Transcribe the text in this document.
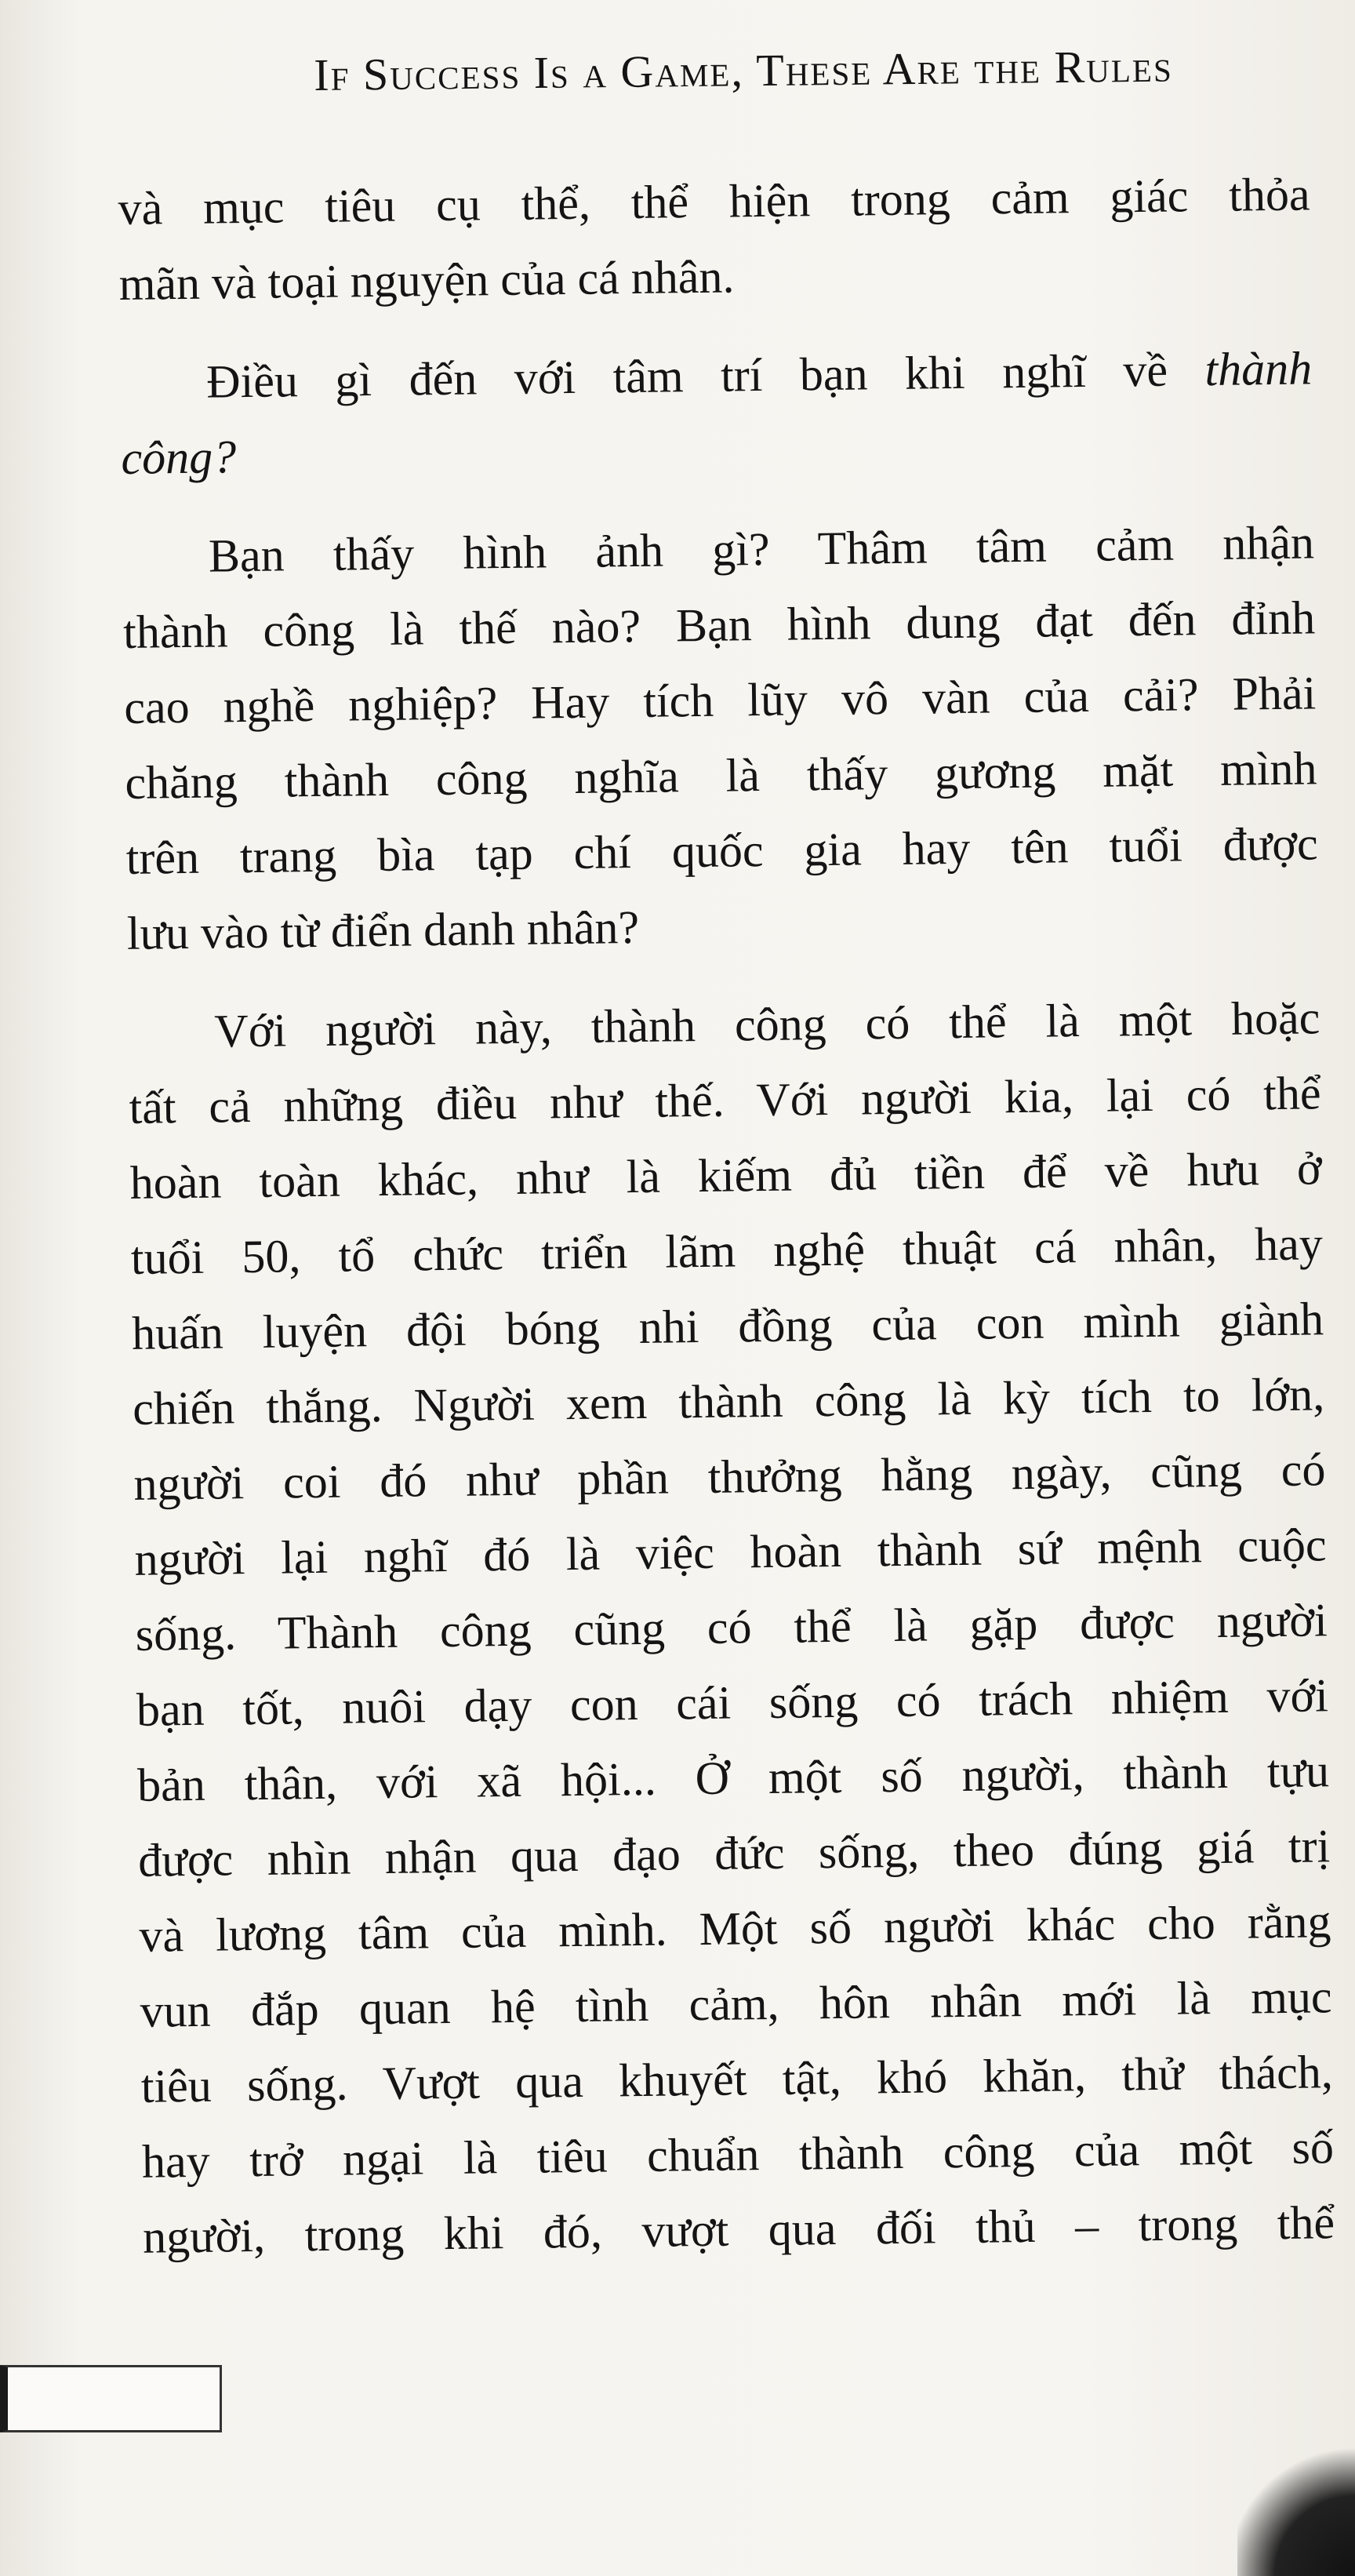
If Success Is a Game, These Are the Rules
và mục tiêu cụ thể, thể hiện trong cảm giác thỏa
mãn và toại nguyện của cá nhân.
Điều gì đến với tâm trí bạn khi nghĩ về thành
công?
Bạn thấy hình ảnh gì? Thâm tâm cảm nhận
thành công là thế nào? Bạn hình dung đạt đến đỉnh
cao nghề nghiệp? Hay tích lũy vô vàn của cải? Phải
chăng thành công nghĩa là thấy gương mặt mình
trên trang bìa tạp chí quốc gia hay tên tuổi được
lưu vào từ điển danh nhân?
Với người này, thành công có thể là một hoặc
tất cả những điều như thế. Với người kia, lại có thể
hoàn toàn khác, như là kiếm đủ tiền để về hưu ở
tuổi 50, tổ chức triển lãm nghệ thuật cá nhân, hay
huấn luyện đội bóng nhi đồng của con mình giành
chiến thắng. Người xem thành công là kỳ tích to lớn,
người coi đó như phần thưởng hằng ngày, cũng có
người lại nghĩ đó là việc hoàn thành sứ mệnh cuộc
sống. Thành công cũng có thể là gặp được người
bạn tốt, nuôi dạy con cái sống có trách nhiệm với
bản thân, với xã hội... Ở một số người, thành tựu
được nhìn nhận qua đạo đức sống, theo đúng giá trị
và lương tâm của mình. Một số người khác cho rằng
vun đắp quan hệ tình cảm, hôn nhân mới là mục
tiêu sống. Vượt qua khuyết tật, khó khăn, thử thách,
hay trở ngại là tiêu chuẩn thành công của một số
người, trong khi đó, vượt qua đối thủ – trong thể
